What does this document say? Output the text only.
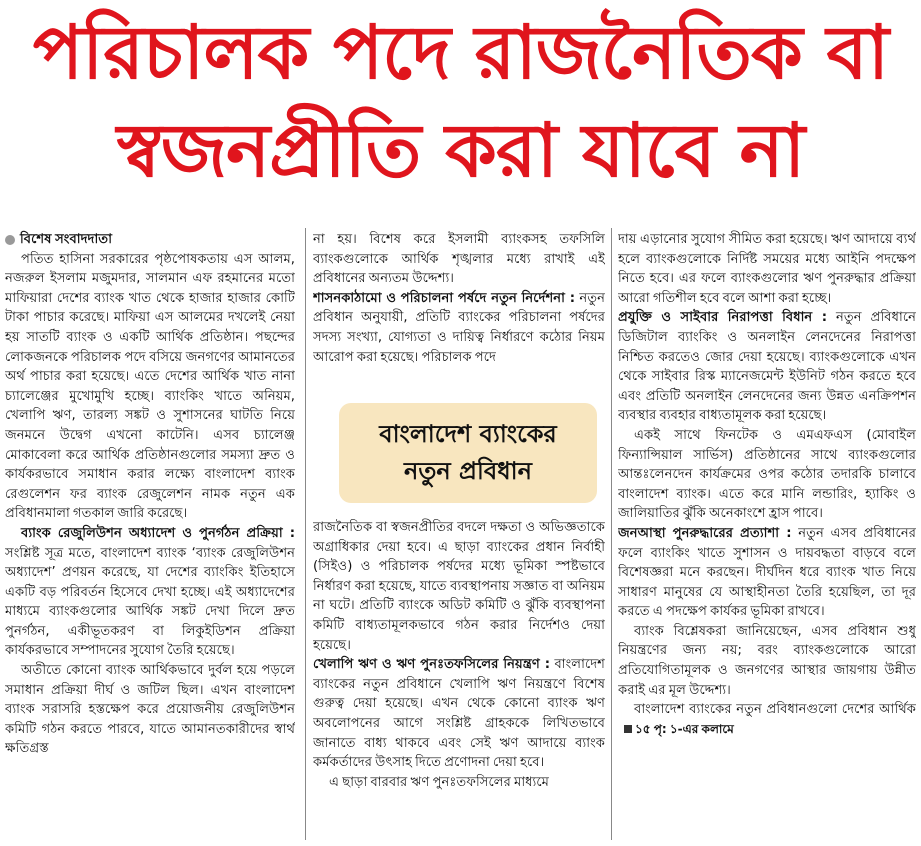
পরিচালক পদে রাজনৈতিক বা
স্বজনপ্রীতি করা যাবে না

বিশেষ সংবাদদাতা

পতিত হাসিনা সরকারের পৃষ্ঠপোষকতায় এস আলম, নজরুল ইসলাম মজুমদার, সালমান এফ রহমানের মতো মাফিয়ারা দেশের ব্যাংক খাত থেকে হাজার হাজার কোটি টাকা পাচার করেছে। মাফিয়া এস আলমের দখলেই নেয়া হয় সাতটি ব্যাংক ও একটি আর্থিক প্রতিষ্ঠান। পছন্দের লোকজনকে পরিচালক পদে বসিয়ে জনগণের আমানতের অর্থ পাচার করা হয়েছে। এতে দেশের আর্থিক খাত নানা চ্যালেঞ্জের মুখোমুখি হচ্ছে। ব্যাংকিং খাতে অনিয়ম, খেলাপি ঋণ, তারল্য সঙ্কট ও সুশাসনের ঘাটতি নিয়ে জনমনে উদ্বেগ এখনো কাটেনি। এসব চ্যালেঞ্জ মোকাবেলা করে আর্থিক প্রতিষ্ঠানগুলোর সমস্যা দ্রুত ও কার্যকরভাবে সমাধান করার লক্ষ্যে বাংলাদেশ ব্যাংক রেগুলেশন ফর ব্যাংক রেজুলেশন নামক নতুন এক প্রবিধানমালা গতকাল জারি করেছে।

ব্যাংক রেজুলিউশন অধ্যাদেশ ও পুনর্গঠন প্রক্রিয়া : সংশ্লিষ্ট সূত্র মতে, বাংলাদেশ ব্যাংক ‘ব্যাংক রেজুলিউশন অধ্যাদেশ’ প্রণয়ন করেছে, যা দেশের ব্যাংকিং ইতিহাসে একটি বড় পরিবর্তন হিসেবে দেখা হচ্ছে। এই অধ্যাদেশের মাধ্যমে ব্যাংকগুলোর আর্থিক সঙ্কট দেখা দিলে দ্রুত পুনর্গঠন, একীভূতকরণ বা লিকুইডিশন প্রক্রিয়া কার্যকরভাবে সম্পাদনের সুযোগ তৈরি হয়েছে।

অতীতে কোনো ব্যাংক আর্থিকভাবে দুর্বল হয়ে পড়লে সমাধান প্রক্রিয়া দীর্ঘ ও জটিল ছিল। এখন বাংলাদেশ ব্যাংক সরাসরি হস্তক্ষেপ করে প্রয়োজনীয় রেজুলিউশন কমিটি গঠন করতে পারবে, যাতে আমানতকারীদের স্বার্থ ক্ষতিগ্রস্ত

না হয়। বিশেষ করে ইসলামী ব্যাংকসহ তফসিলি ব্যাংকগুলোকে আর্থিক শৃঙ্খলার মধ্যে রাখাই এই প্রবিধানের অন্যতম উদ্দেশ্য।

শাসনকাঠামো ও পরিচালনা পর্ষদে নতুন নির্দেশনা : নতুন প্রবিধান অনুযায়ী, প্রতিটি ব্যাংকের পরিচালনা পর্ষদের সদস্য সংখ্যা, যোগ্যতা ও দায়িত্ব নির্ধারণে কঠোর নিয়ম আরোপ করা হয়েছে। পরিচালক পদে

বাংলাদেশ ব্যাংকের
নতুন প্রবিধান

রাজনৈতিক বা স্বজনপ্রীতির বদলে দক্ষতা ও অভিজ্ঞতাকে অগ্রাধিকার দেয়া হবে। এ ছাড়া ব্যাংকের প্রধান নির্বাহী (সিইও) ও পরিচালক পর্ষদের মধ্যে ভূমিকা স্পষ্টভাবে নির্ধারণ করা হয়েছে, যাতে ব্যবস্থাপনায় সজ্ঞাত বা অনিয়ম না ঘটে। প্রতিটি ব্যাংকে অডিট কমিটি ও ঝুঁকি ব্যবস্থাপনা কমিটি বাধ্যতামূলকভাবে গঠন করার নির্দেশও দেয়া হয়েছে।

খেলাপি ঋণ ও ঋণ পুনঃতফসিলের নিয়ন্ত্রণ : বাংলাদেশ ব্যাংকের নতুন প্রবিধানে খেলাপি ঋণ নিয়ন্ত্রণে বিশেষ গুরুত্ব দেয়া হয়েছে। এখন থেকে কোনো ব্যাংক ঋণ অবলোপনের আগে সংশ্লিষ্ট গ্রাহককে লিখিতভাবে জানাতে বাধ্য থাকবে এবং সেই ঋণ আদায়ে ব্যাংক কর্মকর্তাদের উৎসাহ দিতে প্রণোদনা দেয়া হবে।

এ ছাড়া বারবার ঋণ পুনঃতফসিলের মাধ্যমে

দায় এড়ানোর সুযোগ সীমিত করা হয়েছে। ঋণ আদায়ে ব্যর্থ হলে ব্যাংকগুলোকে নির্দিষ্ট সময়ের মধ্যে আইনি পদক্ষেপ নিতে হবে। এর ফলে ব্যাংকগুলোর ঋণ পুনরুদ্ধার প্রক্রিয়া আরো গতিশীল হবে বলে আশা করা হচ্ছে।

প্রযুক্তি ও সাইবার নিরাপত্তা বিধান : নতুন প্রবিধানে ডিজিটাল ব্যাংকিং ও অনলাইন লেনদেনের নিরাপত্তা নিশ্চিত করতেও জোর দেয়া হয়েছে। ব্যাংকগুলোকে এখন থেকে সাইবার রিস্ক ম্যানেজমেন্ট ইউনিট গঠন করতে হবে এবং প্রতিটি অনলাইন লেনদেনের জন্য উন্নত এনক্রিপশন ব্যবস্থার ব্যবহার বাধ্যতামূলক করা হয়েছে।

একই সাথে ফিনটেক ও এমএফএস (মোবাইল ফিন্যান্সিয়াল সার্ভিস) প্রতিষ্ঠানের সাথে ব্যাংকগুলোর আন্তঃলেনদেন কার্যক্রমের ওপর কঠোর তদারকি চালাবে বাংলাদেশ ব্যাংক। এতে করে মানি লন্ডারিং, হ্যাকিং ও জালিয়াতির ঝুঁকি অনেকাংশে হ্রাস পাবে।

জনআস্থা পুনরুদ্ধারের প্রত্যাশা : নতুন এসব প্রবিধানের ফলে ব্যাংকিং খাতে সুশাসন ও দায়বদ্ধতা বাড়বে বলে বিশেষজ্ঞরা মনে করছেন। দীর্ঘদিন ধরে ব্যাংক খাত নিয়ে সাধারণ মানুষের যে আস্থাহীনতা তৈরি হয়েছিল, তা দূর করতে এ পদক্ষেপ কার্যকর ভূমিকা রাখবে।

ব্যাংক বিশ্লেষকরা জানিয়েছেন, এসব প্রবিধান শুধু নিয়ন্ত্রণের জন্য নয়; বরং ব্যাংকগুলোকে আরো প্রতিযোগিতামূলক ও জনগণের আস্থার জায়গায় উন্নীত করাই এর মূল উদ্দেশ্য।

বাংলাদেশ ব্যাংকের নতুন প্রবিধানগুলো দেশের আর্থিক১৫ পৃ: ১-এর কলামে
